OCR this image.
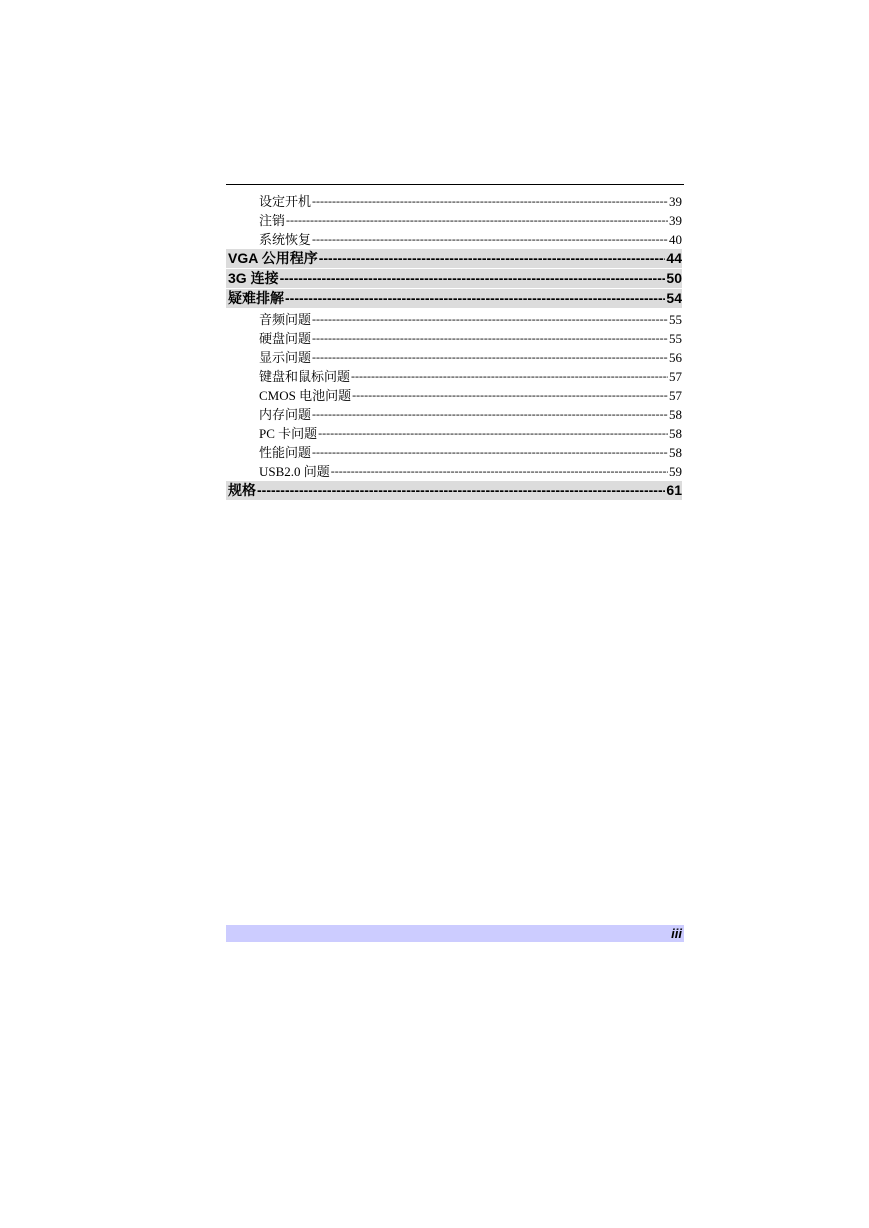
设定开机 -----	39
注销 -----	39
系统恢复 -----	40
VGA 公用程序 -----	44
3G 连接 -----	50
疑难排解 -----	54
音频问题 -----	55
硬盘问题 -----	55
显示问题 -----	56
键盘和鼠标问题 -----	57
CMOS 电池问题 -----	57
内存问题 -----	58
PC 卡问题 -----	58
性能问题 -----	58
USB2.0 问题 -----	59
规格 -----	61
iii
